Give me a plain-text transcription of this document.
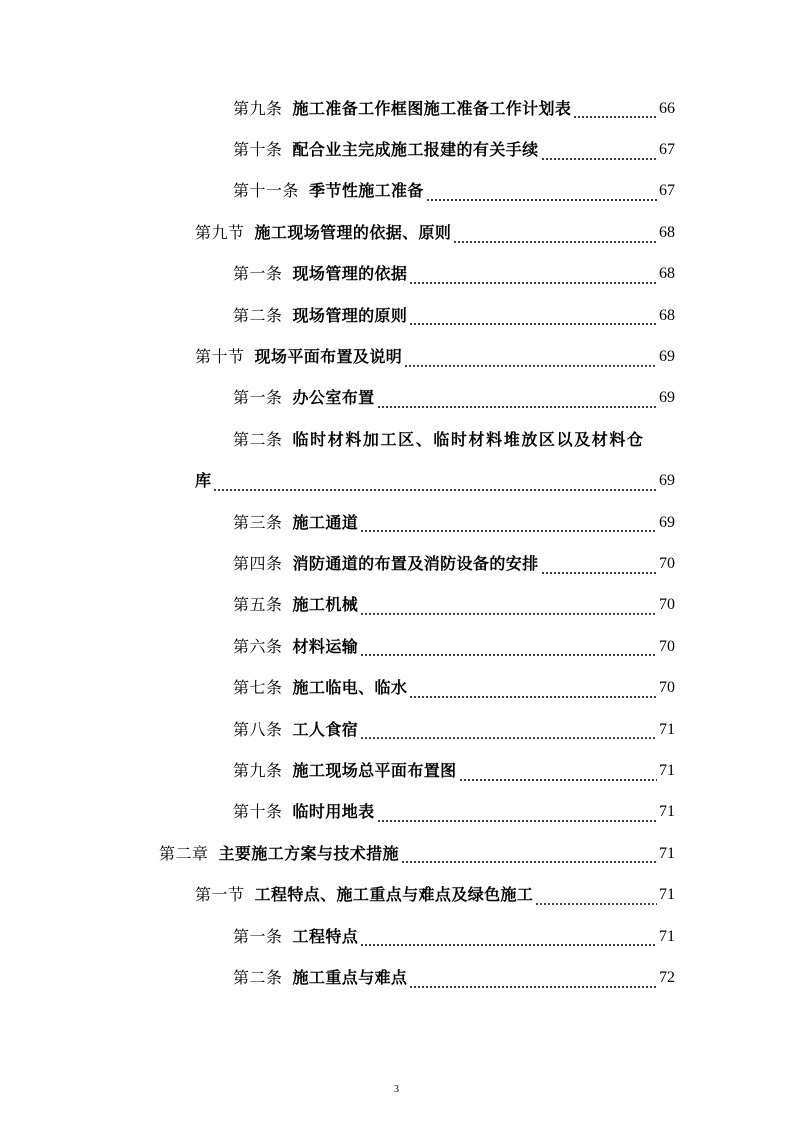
第九条 施工准备工作框图施工准备工作计划表	66
第十条 配合业主完成施工报建的有关手续	67
第十一条 季节性施工准备	67
第九节 施工现场管理的依据、原则	68
第一条 现场管理的依据	68
第二条 现场管理的原则	68
第十节 现场平面布置及说明	69
第一条 办公室布置	69
第二条 临时材料加工区、临时材料堆放区以及材料仓
库	69
第三条 施工通道	69
第四条 消防通道的布置及消防设备的安排	70
第五条 施工机械	70
第六条 材料运输	70
第七条 施工临电、临水	70
第八条 工人食宿	71
第九条 施工现场总平面布置图	71
第十条 临时用地表	71
第二章 主要施工方案与技术措施	71
第一节 工程特点、施工重点与难点及绿色施工	71
第一条 工程特点	71
第二条 施工重点与难点	72
3
